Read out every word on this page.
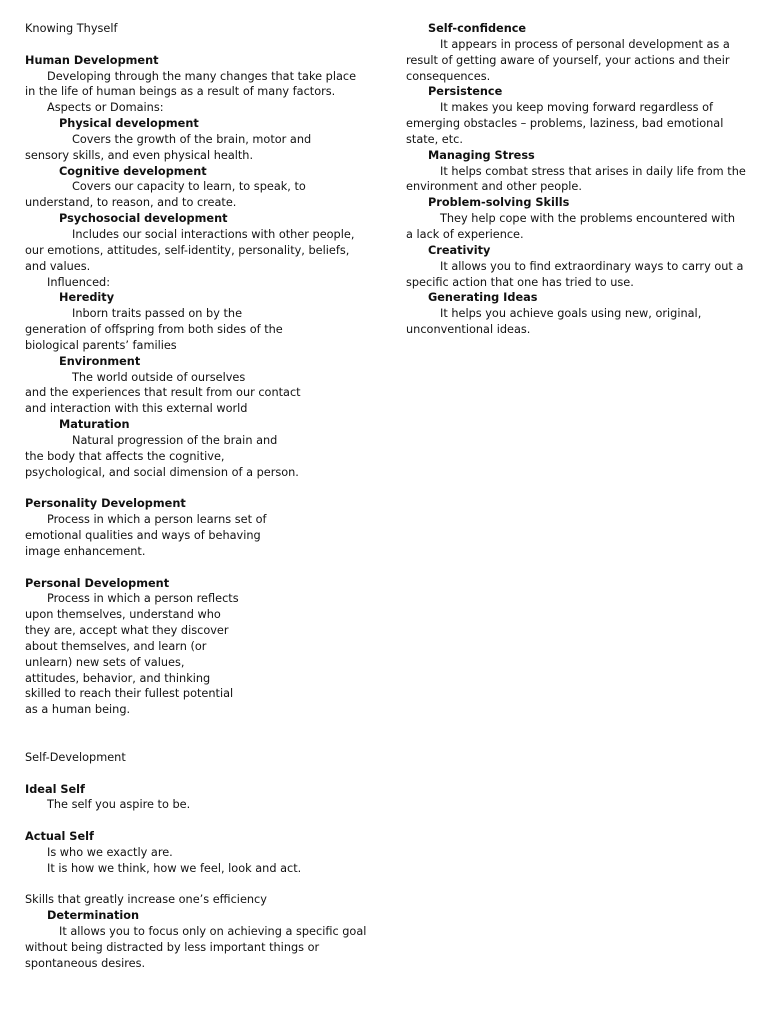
Knowing Thyself
Human Development
Developing through the many changes that take place
in the life of human beings as a result of many factors.
Aspects or Domains:
Physical development
Covers the growth of the brain, motor and
sensory skills, and even physical health.
Cognitive development
Covers our capacity to learn, to speak, to
understand, to reason, and to create.
Psychosocial development
Includes our social interactions with other people,
our emotions, attitudes, self-identity, personality, beliefs,
and values.
Influenced:
Heredity
Inborn traits passed on by the
generation of offspring from both sides of the
biological parents’ families
Environment
The world outside of ourselves
and the experiences that result from our contact
and interaction with this external world
Maturation
Natural progression of the brain and
the body that affects the cognitive,
psychological, and social dimension of a person.
Personality Development
Process in which a person learns set of
emotional qualities and ways of behaving
image enhancement.
Personal Development
Process in which a person reflects
upon themselves, understand who
they are, accept what they discover
about themselves, and learn (or
unlearn) new sets of values,
attitudes, behavior, and thinking
skilled to reach their fullest potential
as a human being.
Self-Development
Ideal Self
The self you aspire to be.
Actual Self
Is who we exactly are.
It is how we think, how we feel, look and act.
Skills that greatly increase one’s efficiency
Determination
It allows you to focus only on achieving a specific goal
without being distracted by less important things or
spontaneous desires.
Self-confidence
It appears in process of personal development as a
result of getting aware of yourself, your actions and their
consequences.
Persistence
It makes you keep moving forward regardless of
emerging obstacles – problems, laziness, bad emotional
state, etc.
Managing Stress
It helps combat stress that arises in daily life from the
environment and other people.
Problem-solving Skills
They help cope with the problems encountered with
a lack of experience.
Creativity
It allows you to find extraordinary ways to carry out a
specific action that one has tried to use.
Generating Ideas
It helps you achieve goals using new, original,
unconventional ideas.
